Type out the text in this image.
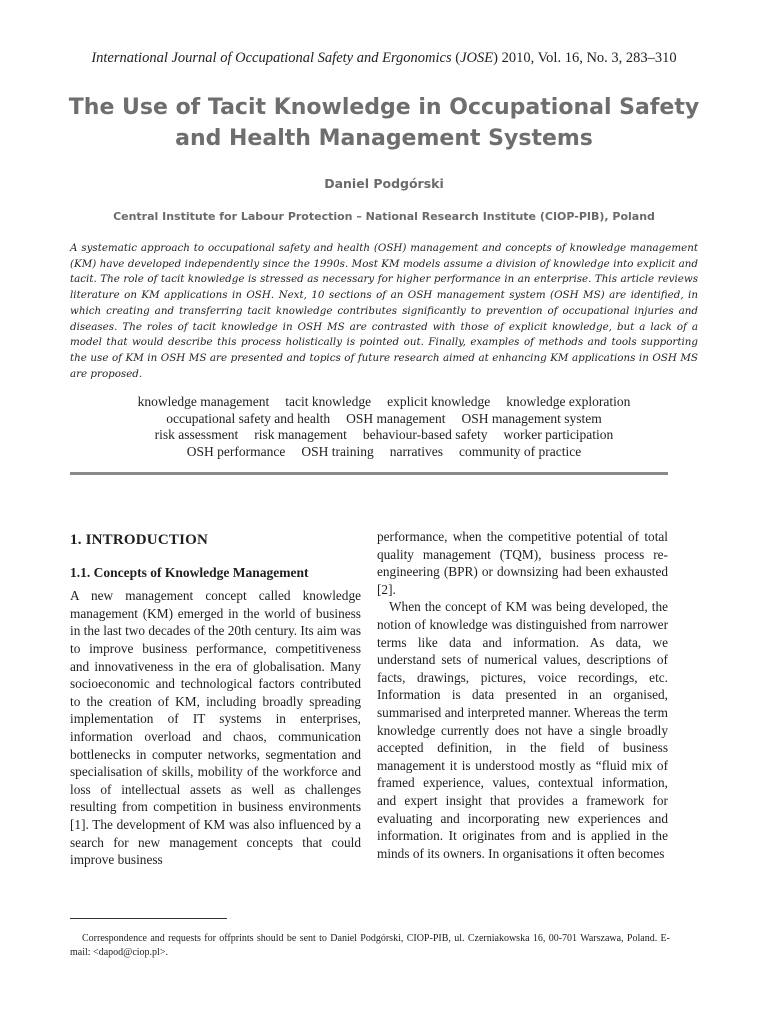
International Journal of Occupational Safety and Ergonomics (JOSE) 2010, Vol. 16, No. 3, 283–310
The Use of Tacit Knowledge in Occupational Safety and Health Management Systems
Daniel Podgórski
Central Institute for Labour Protection – National Research Institute (CIOP-PIB), Poland

A systematic approach to occupational safety and health (OSH) management and concepts of knowledge management (KM) have developed independently since the 1990s. Most KM models assume a division of knowledge into explicit and tacit. The role of tacit knowledge is stressed as necessary for higher performance in an enterprise. This article reviews literature on KM applications in OSH. Next, 10 sections of an OSH management system (OSH MS) are identified, in which creating and transferring tacit knowledge contributes significantly to prevention of occupational injuries and diseases. The roles of tacit knowledge in OSH MS are contrasted with those of explicit knowledge, but a lack of a model that would describe this process holistically is pointed out. Finally, examples of methods and tools supporting the use of KM in OSH MS are presented and topics of future research aimed at enhancing KM applications in OSH MS are proposed.

knowledge management tacit knowledge explicit knowledge knowledge exploration
occupational safety and health OSH management OSH management system
risk assessment risk management behaviour-based safety worker participation
OSH performance OSH training narratives community of practice
1. INTRODUCTION
1.1. Concepts of Knowledge Management

A new management concept called knowledge management (KM) emerged in the world of business in the last two decades of the 20th century. Its aim was to improve business performance, competitiveness and innovativeness in the era of globalisation. Many socioeconomic and technological factors contributed to the creation of KM, including broadly spreading implementation of IT systems in enterprises, information overload and chaos, communication bottlenecks in computer networks, segmentation and specialisation of skills, mobility of the workforce and loss of intellectual assets as well as challenges resulting from competition in business environments [1]. The development of KM was also influenced by a search for new management concepts that could improve business

performance, when the competitive potential of total quality management (TQM), business process re-engineering (BPR) or downsizing had been exhausted [2].

When the concept of KM was being developed, the notion of knowledge was distinguished from narrower terms like data and information. As data, we understand sets of numerical values, descriptions of facts, drawings, pictures, voice recordings, etc. Information is data presented in an organised, summarised and interpreted manner. Whereas the term knowledge currently does not have a single broadly accepted definition, in the field of business management it is understood mostly as “fluid mix of framed experience, values, contextual information, and expert insight that provides a framework for evaluating and incorporating new experiences and information. It originates from and is applied in the minds of its owners. In organisations it often becomes

Correspondence and requests for offprints should be sent to Daniel Podgórski, CIOP-PIB, ul. Czerniakowska 16, 00-701 Warszawa, Poland. E-mail: <dapod@ciop.pl>.
